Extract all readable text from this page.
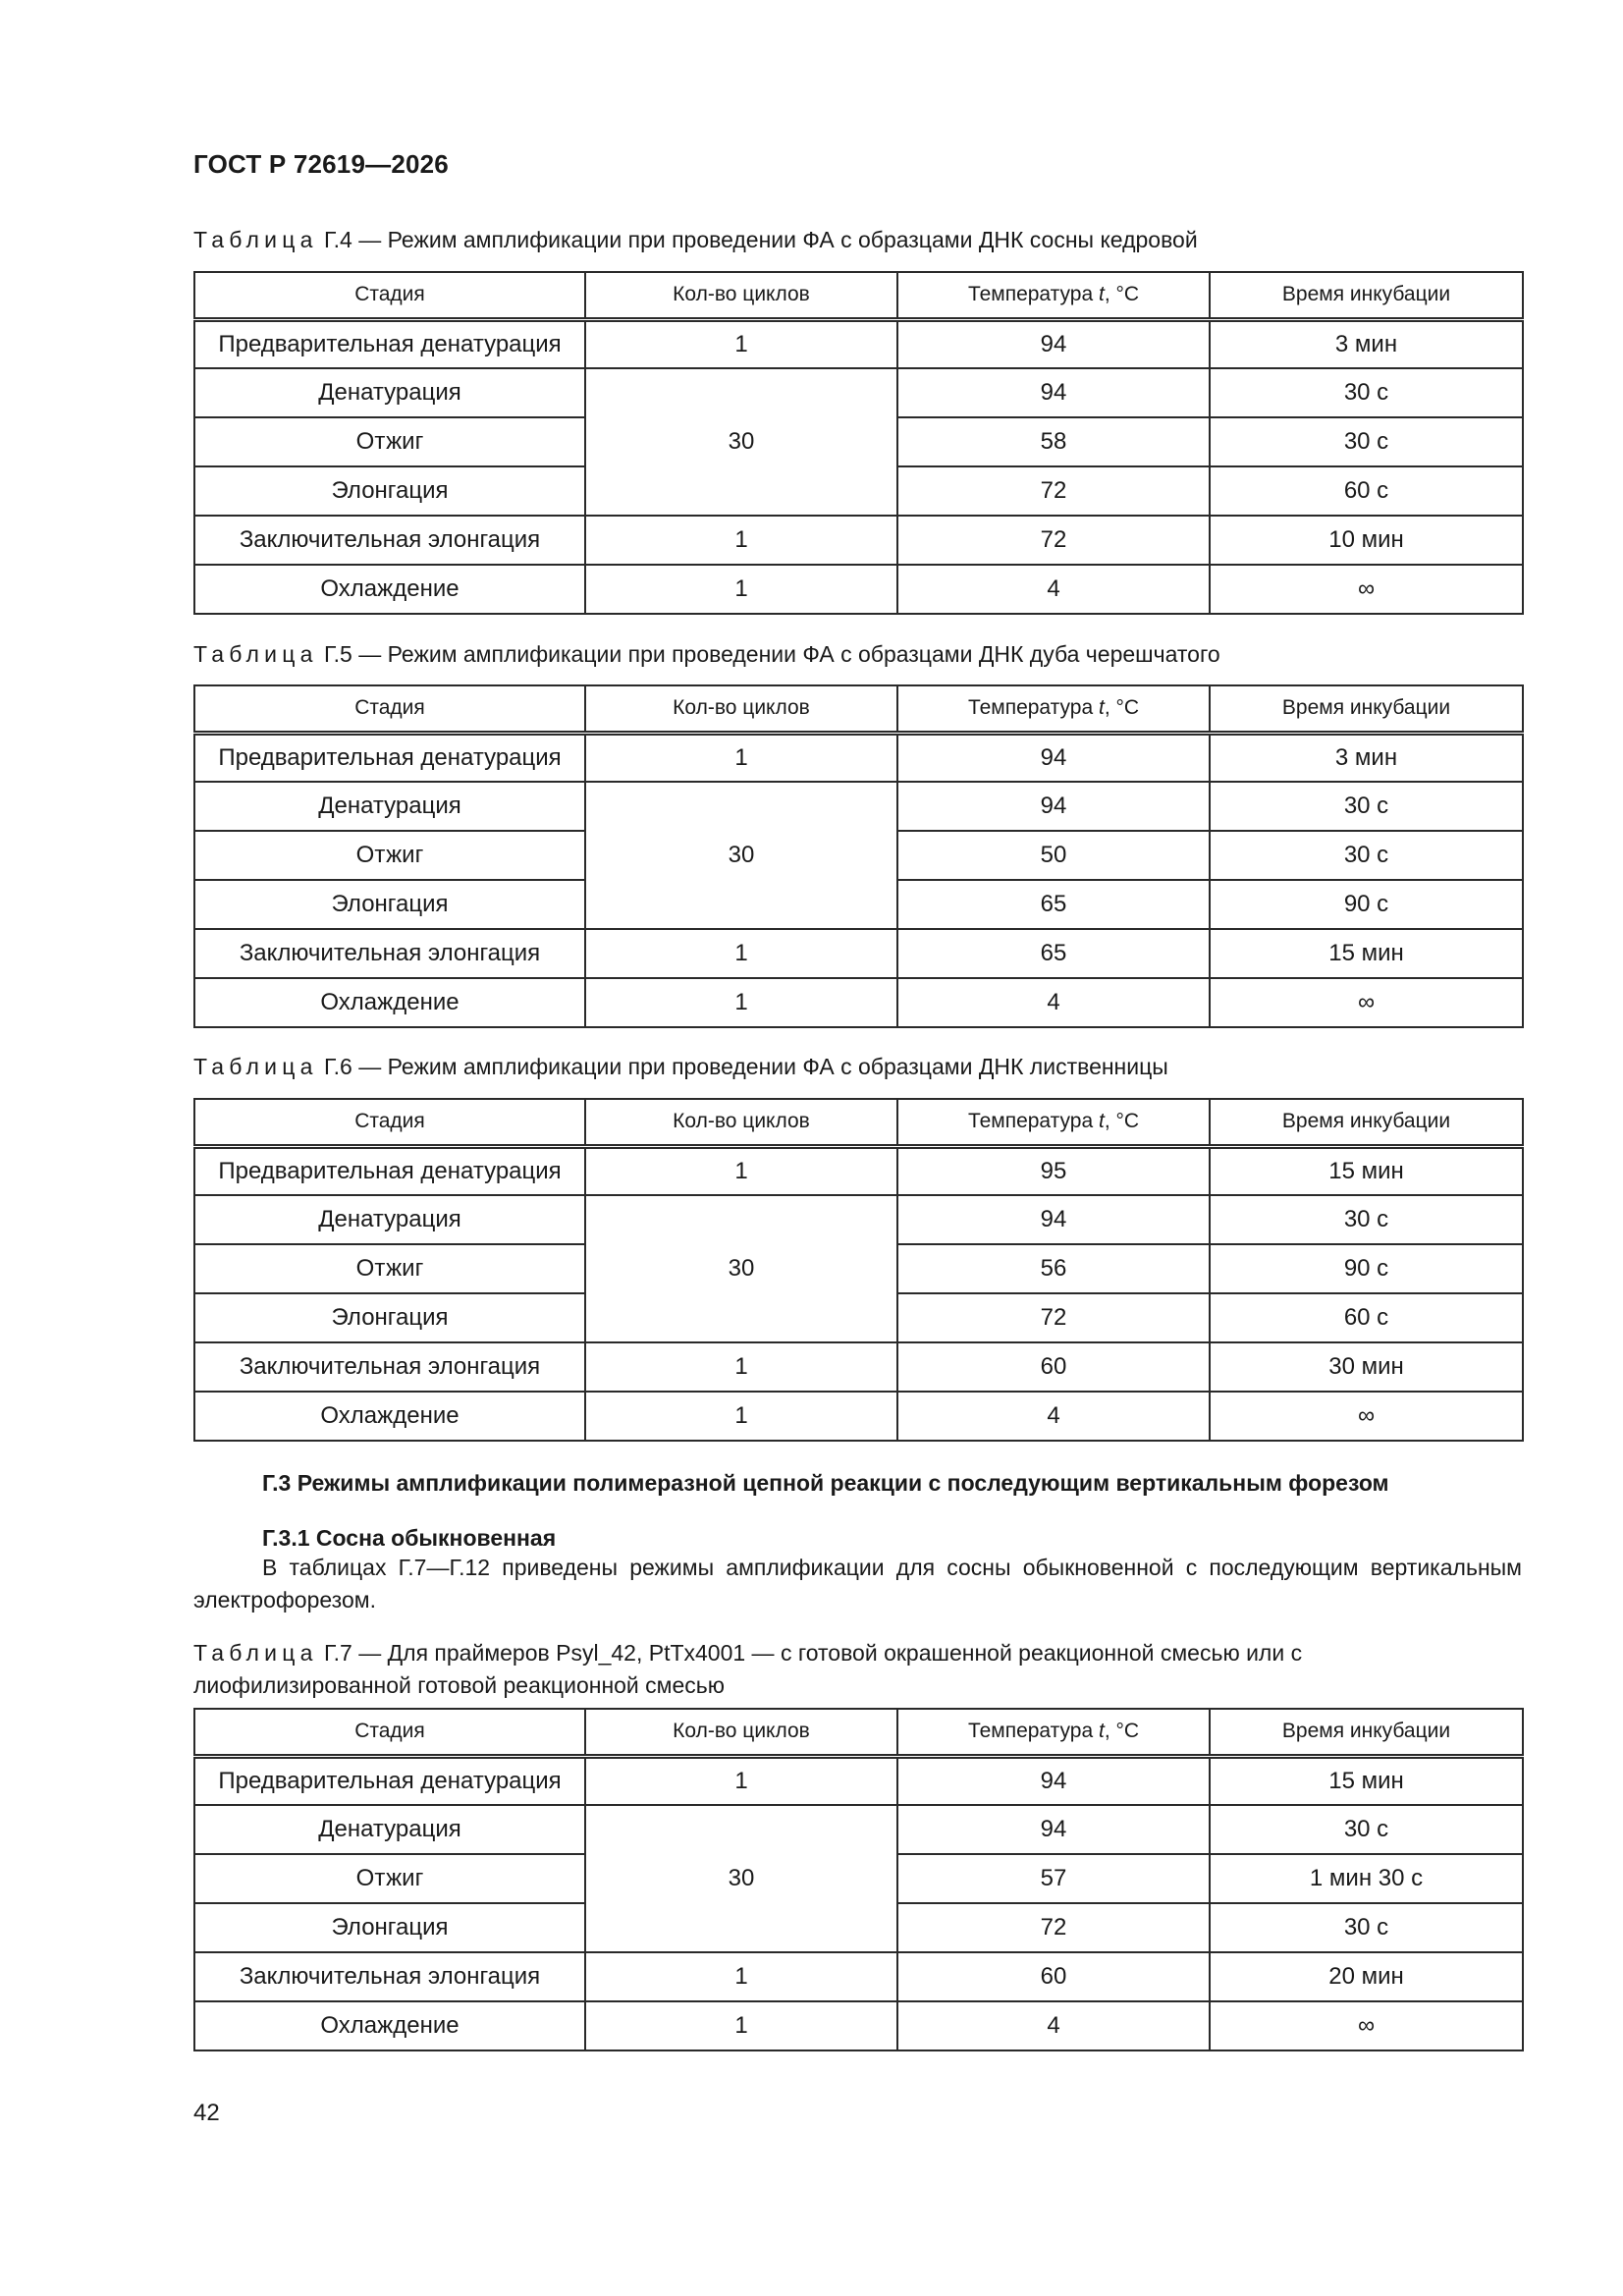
ГОСТ Р 72619—2026
Таблица Г.4 — Режим амплификации при проведении ФА с образцами ДНК сосны кедровой
Стадия	Кол-во циклов	Температура t, °С	Время инкубации
Предварительная денатурация	1	94	3 мин
Денатурация	30	94	30 с
Отжиг		58	30 с
Элонгация		72	60 с
Заключительная элонгация	1	72	10 мин
Охлаждение	1	4	∞
Таблица Г.5 — Режим амплификации при проведении ФА с образцами ДНК дуба черешчатого
Стадия	Кол-во циклов	Температура t, °С	Время инкубации
Предварительная денатурация	1	94	3 мин
Денатурация	30	94	30 с
Отжиг		50	30 с
Элонгация		65	90 с
Заключительная элонгация	1	65	15 мин
Охлаждение	1	4	∞
Таблица Г.6 — Режим амплификации при проведении ФА с образцами ДНК лиственницы
Стадия	Кол-во циклов	Температура t, °С	Время инкубации
Предварительная денатурация	1	95	15 мин
Денатурация	30	94	30 с
Отжиг		56	90 с
Элонгация		72	60 с
Заключительная элонгация	1	60	30 мин
Охлаждение	1	4	∞
Г.3 Режимы амплификации полимеразной цепной реакции с последующим вертикальным форезом
Г.3.1 Сосна обыкновенная
В таблицах Г.7—Г.12 приведены режимы амплификации для сосны обыкновенной с последующим вертикальным электрофорезом.
Таблица Г.7 — Для праймеров Psyl_42, PtTx4001 — с готовой окрашенной реакционной смесью или с лиофилизированной готовой реакционной смесью
Стадия	Кол-во циклов	Температура t, °С	Время инкубации
Предварительная денатурация	1	94	15 мин
Денатурация	30	94	30 с
Отжиг		57	1 мин 30 с
Элонгация		72	30 с
Заключительная элонгация	1	60	20 мин
Охлаждение	1	4	∞
42
